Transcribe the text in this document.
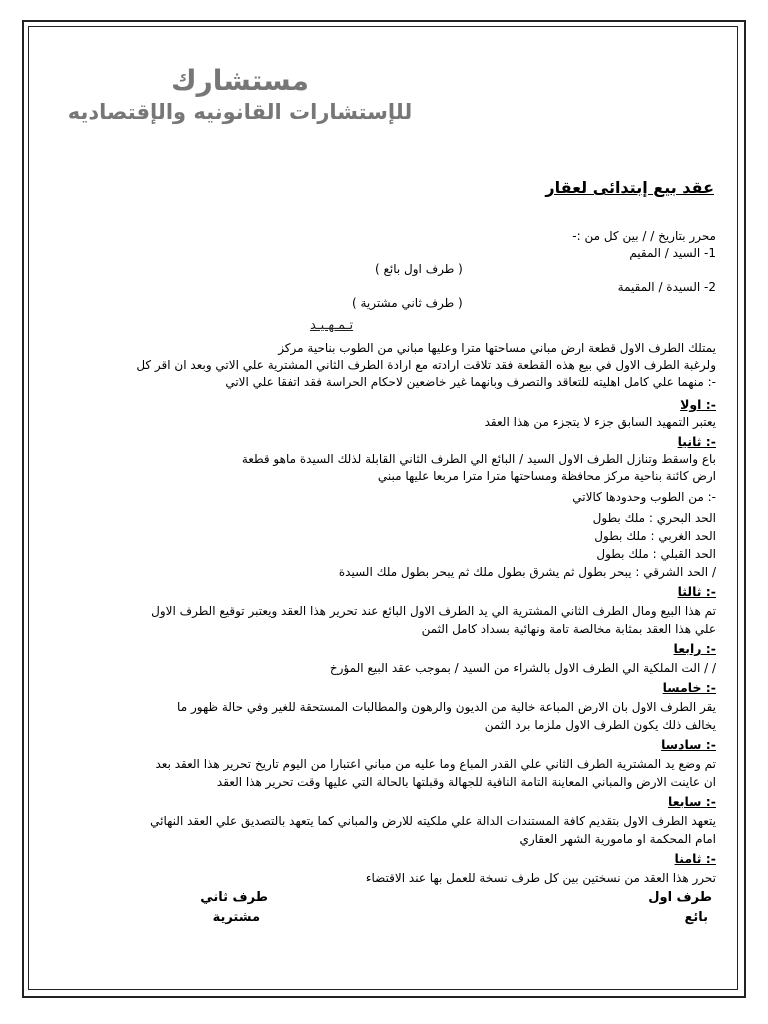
مستشارك
للإستشارات القانونيه والإقتصاديه
عقد بيع إبتدائى لعقار
محرر بتاريخ / / بين كل من :-
1- السيد / المقيم
( طرف اول بائع )
2- السيدة / المقيمة
( طرف ثاني مشترية )
تـمـهـيـد
يمتلك الطرف الاول قطعة ارض مباني مساحتها مترا وعليها مباني من الطوب بناحية مركز
ولرغبة الطرف الاول في بيع هذه القطعة فقد تلاقت ارادته مع ارادة الطرف الثاني المشترية علي الاتي وبعد ان اقر كل
-: منهما علي كامل اهليته للتعاقد والتصرف وبانهما غير خاضعين لاحكام الحراسة فقد اتفقا علي الاتي
-: اولا
يعتبر التمهيد السابق جزء لا يتجزء من هذا العقد
-: ثانيا
باع واسقط وتنازل الطرف الاول السيد / البائع الي الطرف الثاني القابلة لذلك السيدة ماهو قطعة
ارض كائنة بناحية مركز محافظة ومساحتها مترا مترا مربعا عليها مبني
-: من الطوب وحدودها كالاتي
الحد البحري : ملك بطول
الحد الغربي : ملك بطول
الحد القبلي : ملك بطول
/ الحد الشرقي : يبحر بطول ثم يشرق بطول ملك ثم يبحر بطول ملك السيدة
-: ثالثا
تم هذا البيع ومال الطرف الثاني المشترية الي يد الطرف الاول البائع عند تحرير هذا العقد ويعتبر توقيع الطرف الاول
علي هذا العقد بمثابة مخالصة تامة ونهائية بسداد كامل الثمن
-: رابعا
/ / الت الملكية الي الطرف الاول بالشراء من السيد / بموجب عقد البيع المؤرخ
-: خامسا
يقر الطرف الاول بان الارض المباعة خالية من الديون والرهون والمطالبات المستحقة للغير وفي حالة ظهور ما
يخالف ذلك يكون الطرف الاول ملزما برد الثمن
-: سادسا
تم وضع يد المشترية الطرف الثاني علي القدر المباع وما عليه من مباني اعتبارا من اليوم تاريخ تحرير هذا العقد بعد
ان عاينت الارض والمباني المعاينة التامة النافية للجهالة وقبلتها بالحالة التي عليها وقت تحرير هذا العقد
-: سابعا
يتعهد الطرف الاول بتقديم كافة المستندات الدالة علي ملكيته للارض والمباني كما يتعهد بالتصديق علي العقد النهائي
امام المحكمة او مامورية الشهر العقاري
-: ثامنا
تحرر هذا العقد من نسختين بين كل طرف نسخة للعمل بها عند الاقتضاء
طرف اول
بائع
طرف ثاني
مشترية
